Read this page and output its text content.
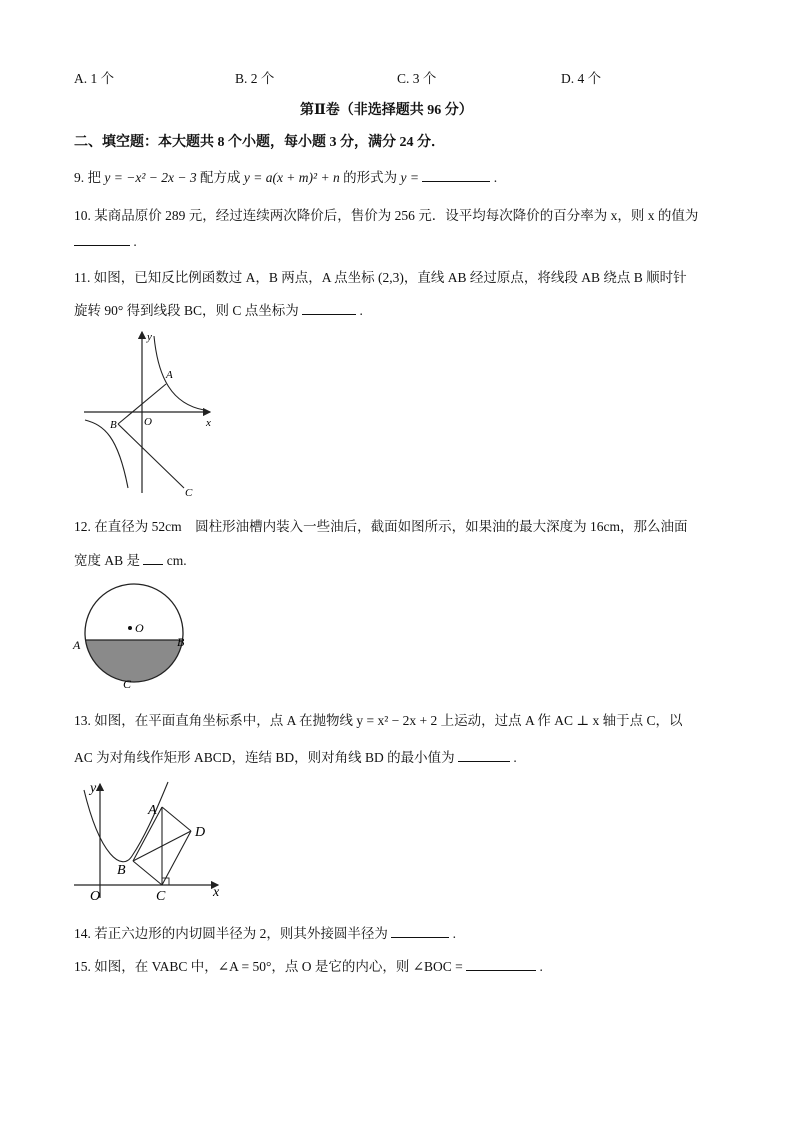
A. 1 个	B. 2 个	C. 3 个	D. 4 个
第Ⅱ卷（非选择题共 96 分）
二、填空题：本大题共 8 个小题，每小题 3 分，满分 24 分．
9. 把 y = −x² − 2x − 3 配方成 y = a(x + m)² + n 的形式为 y =	.
10. 某商品原价 289 元，经过连续两次降价后，售价为 256 元．设平均每次降价的百分率为 x，则 x 的值为
.
11. 如图，已知反比例函数过 A，B 两点，A 点坐标 (2,3)，直线 AB 经过原点，将线段 AB 绕点 B 顺时针
旋转 90° 得到线段 BC，则 C 点坐标为	.
y
x
O
A
B
C
12. 在直径为 52cm　圆柱形油槽内装入一些油后，截面如图所示，如果油的最大深度为 16cm，那么油面
宽度 AB 是 cm.
O
A	B
C
13. 如图，在平面直角坐标系中，点 A 在抛物线 y = x² − 2x + 2 上运动，过点 A 作 AC ⊥ x 轴于点 C，以
AC 为对角线作矩形 ABCD，连结 BD，则对角线 BD 的最小值为	.
y
x
O
A
B
C
D
14. 若正六边形的内切圆半径为 2，则其外接圆半径为	.
15. 如图，在 VABC 中，∠A = 50°，点 O 是它的内心，则 ∠BOC =	.
